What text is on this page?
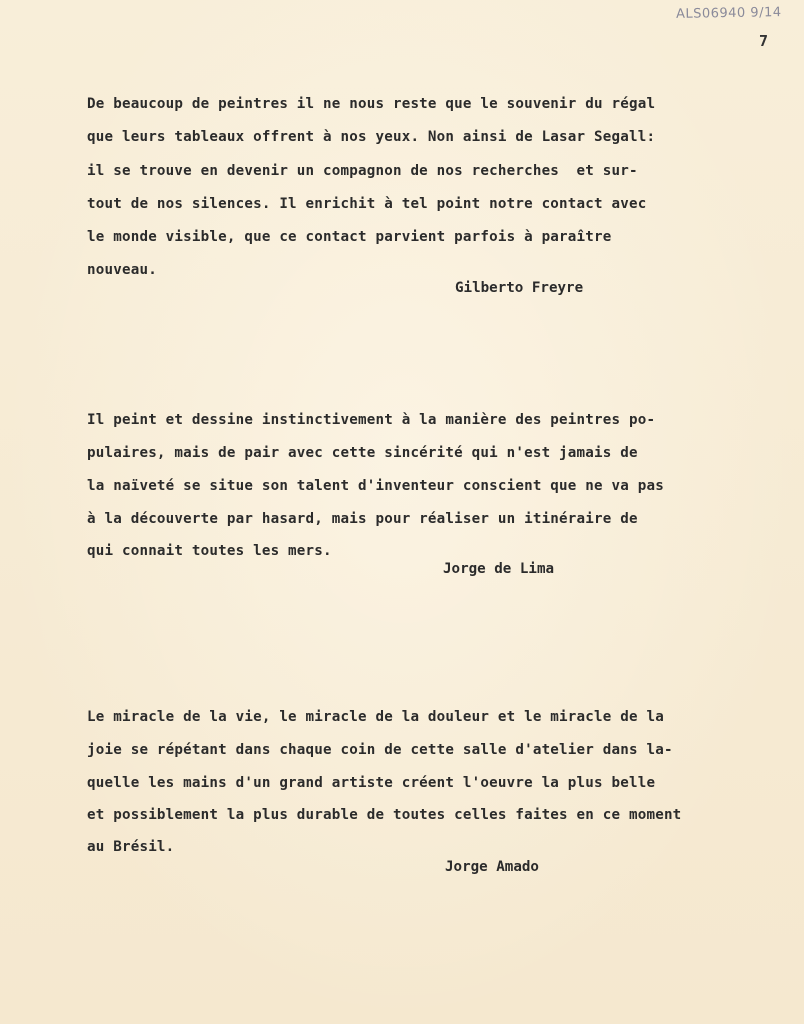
ALS06940 9/14
7
De beaucoup de peintres il ne nous reste que le souvenir du régal
que leurs tableaux offrent à nos yeux. Non ainsi de Lasar Segall:
il se trouve en devenir un compagnon de nos recherches  et sur-
tout de nos silences. Il enrichit à tel point notre contact avec
le monde visible, que ce contact parvient parfois à paraître
nouveau.
Gilberto Freyre
Il peint et dessine instinctivement à la manière des peintres po-
pulaires, mais de pair avec cette sincérité qui n'est jamais de
la naïveté se situe son talent d'inventeur conscient que ne va pas
à la découverte par hasard, mais pour réaliser un itinéraire de
qui connait toutes les mers.
Jorge de Lima
Le miracle de la vie, le miracle de la douleur et le miracle de la
joie se répétant dans chaque coin de cette salle d'atelier dans la-
quelle les mains d'un grand artiste créent l'oeuvre la plus belle
et possiblement la plus durable de toutes celles faites en ce moment
au Brésil.
Jorge Amado
